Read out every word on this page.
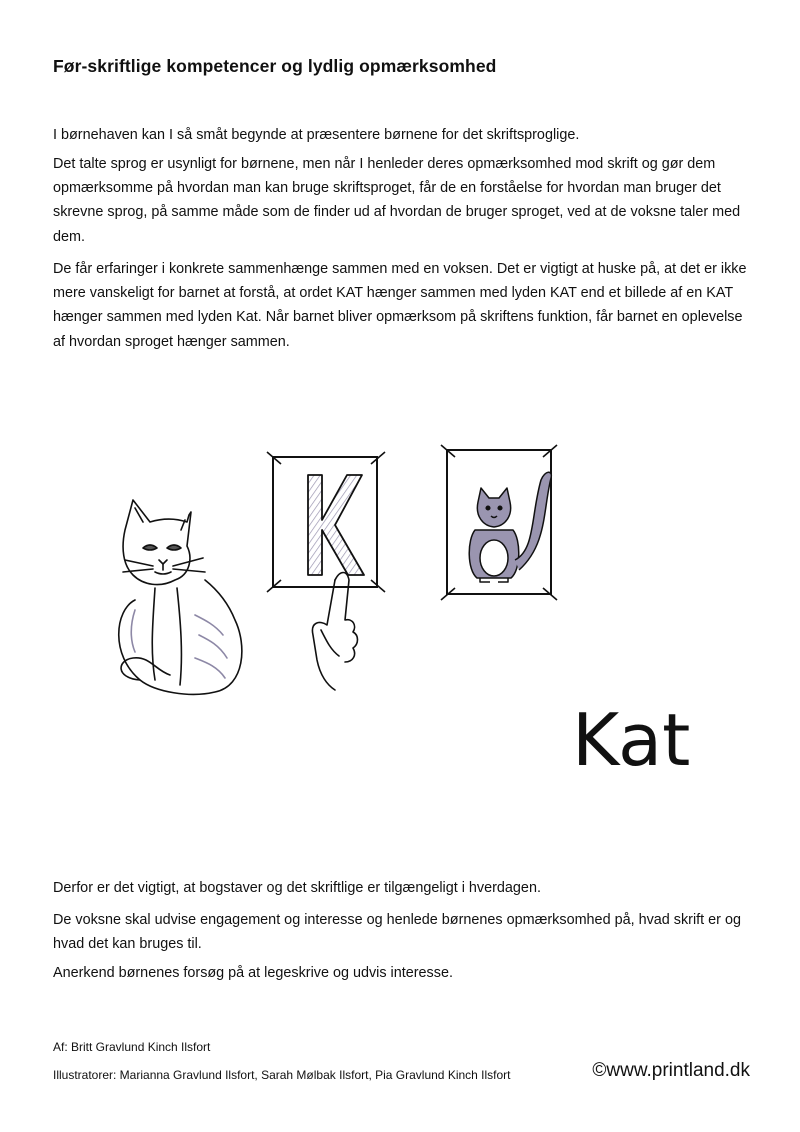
Før-skriftlige kompetencer og lydlig opmærksomhed

I børnehaven kan I så småt begynde at præsentere børnene for det skriftsproglige.

Det talte sprog er usynligt for børnene, men når I henleder deres opmærksomhed mod skrift og gør dem opmærksomme på hvordan man kan bruge skriftsproget, får de en forståelse for hvordan man bruger det skrevne sprog, på samme måde som de finder ud af hvordan de bruger sproget, ved at de voksne taler med dem.

De får erfaringer i konkrete sammenhænge sammen med en voksen. Det er vigtigt at huske på, at det er ikke mere vanskeligt for barnet at forstå, at ordet KAT hænger sammen med lyden KAT end et billede af en KAT hænger sammen med lyden Kat. Når barnet bliver opmærksom på skriftens funktion, får barnet en oplevelse af hvordan sproget hænger sammen.

Kat

Derfor er det vigtigt, at bogstaver og det skriftlige er tilgængeligt i hverdagen.

De voksne skal udvise engagement og interesse og henlede børnenes opmærksomhed på, hvad skrift er og hvad det kan bruges til.

Anerkend børnenes forsøg på at legeskrive og udvis interesse.

Af: Britt Gravlund Kinch Ilsfort
Illustratorer: Marianna Gravlund Ilsfort, Sarah Mølbak Ilsfort, Pia Gravlund Kinch Ilsfort	©www.printland.dk
